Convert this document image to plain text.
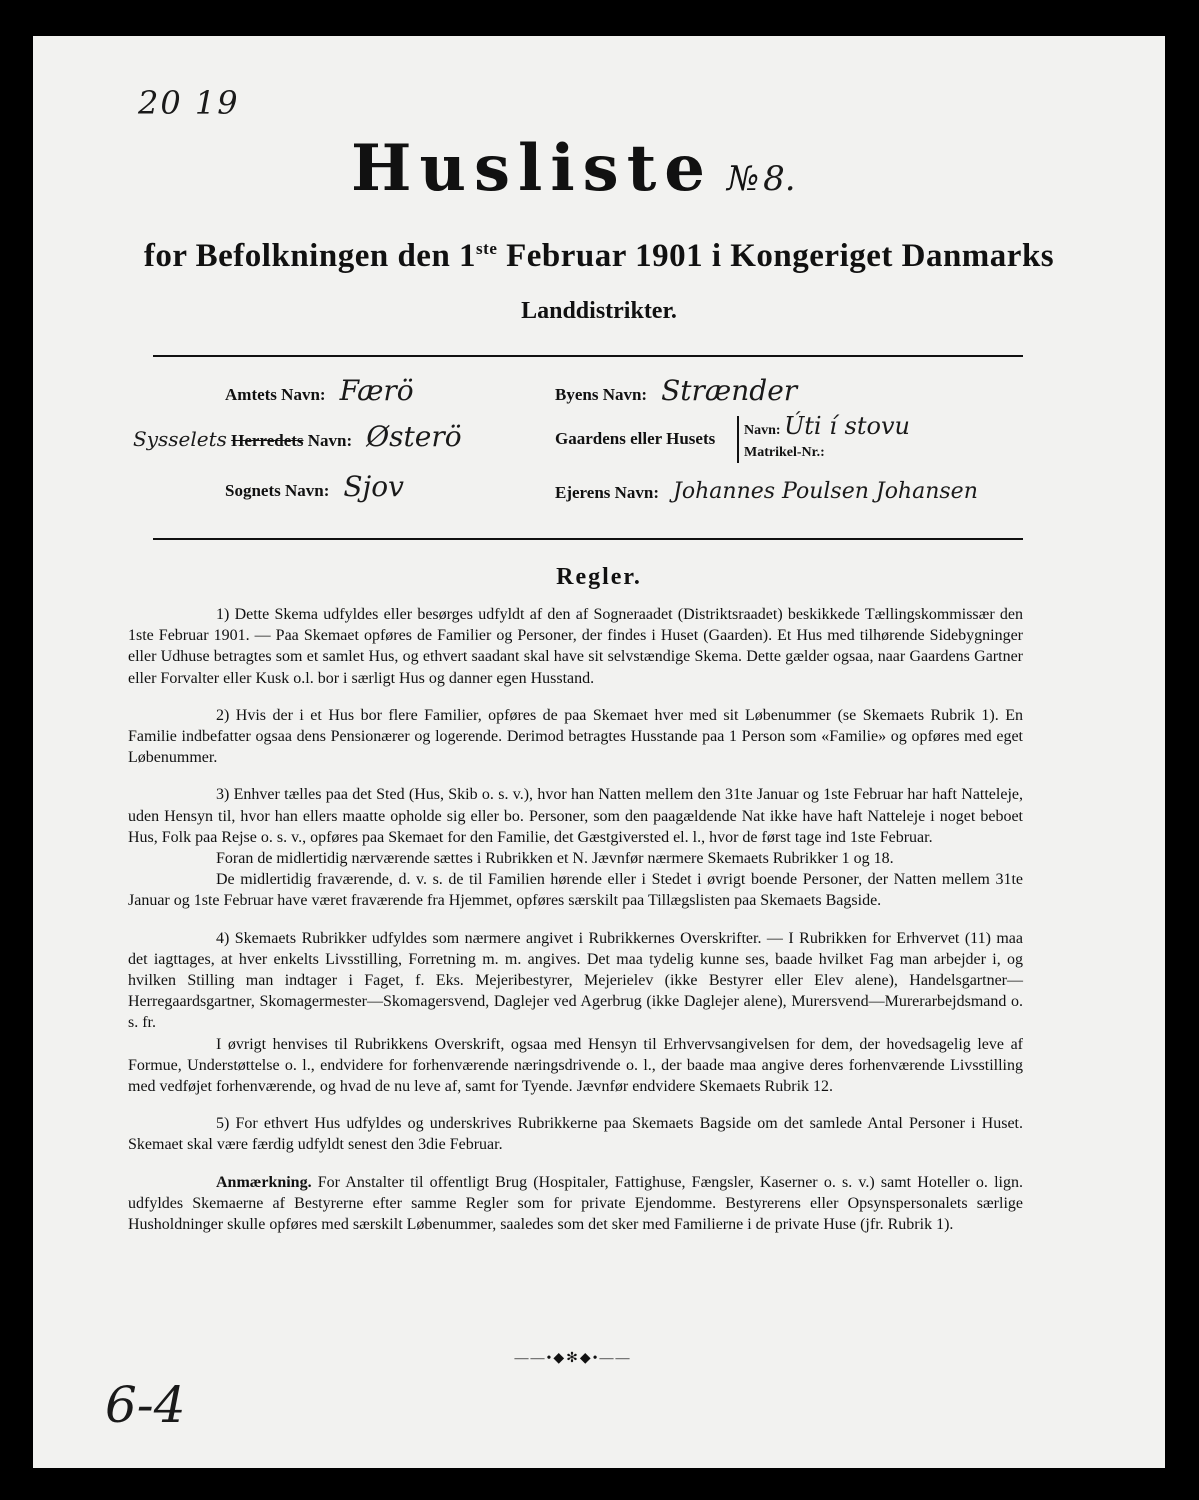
20 19
Husliste № 8.
for Befolkningen den 1ste Februar 1901 i Kongeriget Danmarks
Landdistrikter.
Amtets Navn: Færö
Sysselets Herredets Navn: Østerö
Sognets Navn: Sjov
Byens Navn: Strænder
Gaardens eller Husets Navn: Úti í stovu
Matrikel-Nr.:
Ejerens Navn: Johannes Poulsen Johansen
Regler.

1) Dette Skema udfyldes eller besørges udfyldt af den af Sogneraadet (Distriktsraadet) beskikkede Tællingskommissær den 1ste Februar 1901. — Paa Skemaet opføres de Familier og Personer, der findes i Huset (Gaarden). Et Hus med tilhørende Sidebygninger eller Udhuse betragtes som et samlet Hus, og ethvert saadant skal have sit selvstændige Skema. Dette gælder ogsaa, naar Gaardens Gartner eller Forvalter eller Kusk o.l. bor i særligt Hus og danner egen Husstand.

2) Hvis der i et Hus bor flere Familier, opføres de paa Skemaet hver med sit Løbenummer (se Skemaets Rubrik 1). En Familie indbefatter ogsaa dens Pensionærer og logerende. Derimod betragtes Husstande paa 1 Person som «Familie» og opføres med eget Løbenummer.

3) Enhver tælles paa det Sted (Hus, Skib o. s. v.), hvor han Natten mellem den 31te Januar og 1ste Februar har haft Natteleje, uden Hensyn til, hvor han ellers maatte opholde sig eller bo. Personer, som den paagældende Nat ikke have haft Natteleje i noget beboet Hus, Folk paa Rejse o. s. v., opføres paa Skemaet for den Familie, det Gæstgiversted el. l., hvor de først tage ind 1ste Februar.

Foran de midlertidig nærværende sættes i Rubrikken et N. Jævnfør nærmere Skemaets Rubrikker 1 og 18.

De midlertidig fraværende, d. v. s. de til Familien hørende eller i Stedet i øvrigt boende Personer, der Natten mellem 31te Januar og 1ste Februar have været fraværende fra Hjemmet, opføres særskilt paa Tillægslisten paa Skemaets Bagside.

4) Skemaets Rubrikker udfyldes som nærmere angivet i Rubrikkernes Overskrifter. — I Rubrikken for Erhvervet (11) maa det iagttages, at hver enkelts Livsstilling, Forretning m. m. angives. Det maa tydelig kunne ses, baade hvilket Fag man arbejder i, og hvilken Stilling man indtager i Faget, f. Eks. Mejeribestyrer, Mejerielev (ikke Bestyrer eller Elev alene), Handelsgartner—Herregaardsgartner, Skomagermester—Skomagersvend, Daglejer ved Agerbrug (ikke Daglejer alene), Murersvend—Murerarbejdsmand o. s. fr.

I øvrigt henvises til Rubrikkens Overskrift, ogsaa med Hensyn til Erhvervsangivelsen for dem, der hovedsagelig leve af Formue, Understøttelse o. l., endvidere for forhenværende næringsdrivende o. l., der baade maa angive deres forhenværende Livsstilling med vedføjet forhenværende, og hvad de nu leve af, samt for Tyende. Jævnfør endvidere Skemaets Rubrik 12.

5) For ethvert Hus udfyldes og underskrives Rubrikkerne paa Skemaets Bagside om det samlede Antal Personer i Huset. Skemaet skal være færdig udfyldt senest den 3die Februar.

Anmærkning. For Anstalter til offentligt Brug (Hospitaler, Fattighuse, Fængsler, Kaserner o. s. v.) samt Hoteller o. lign. udfyldes Skemaerne af Bestyrerne efter samme Regler som for private Ejendomme. Bestyrerens eller Opsynspersonalets særlige Husholdninger skulle opføres med særskilt Løbenummer, saaledes som det sker med Familierne i de private Huse (jfr. Rubrik 1).

——•◆✻◆•——
6-4
